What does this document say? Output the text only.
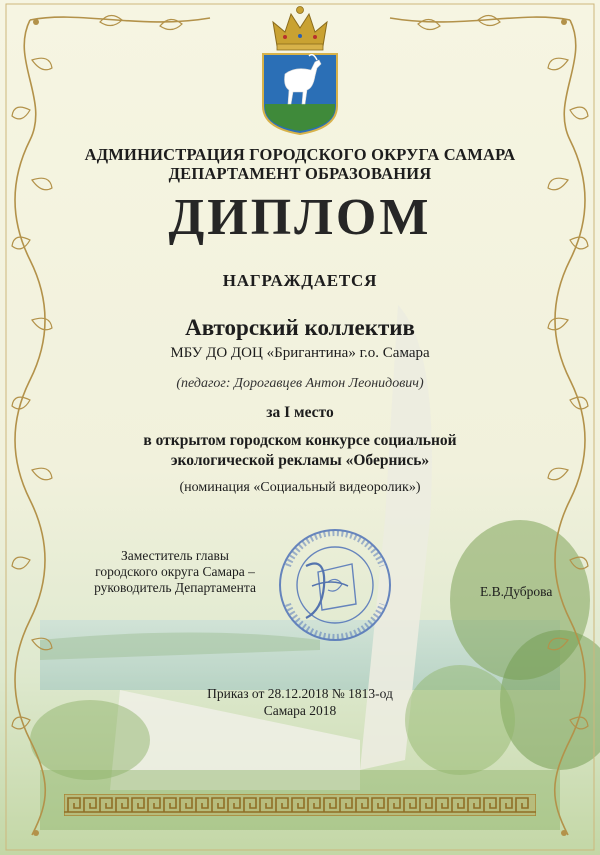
АДМИНИСТРАЦИЯ ГОРОДСКОГО ОКРУГА САМАРА
ДЕПАРТАМЕНТ ОБРАЗОВАНИЯ
ДИПЛОМ
НАГРАЖДАЕТСЯ
Авторский коллектив
МБУ ДО ДОЦ «Бригантина» г.о. Самара
(педагог: Дорогавцев Антон Леонидович)
за I место
в открытом городском конкурсе социальной
экологической рекламы «Обернись»
(номинация «Социальный видеоролик»)
Заместитель главы
городского округа Самара –
руководитель Департамента	Е.В.Дуброва
Приказ от 28.12.2018 № 1813-од
Самара 2018
